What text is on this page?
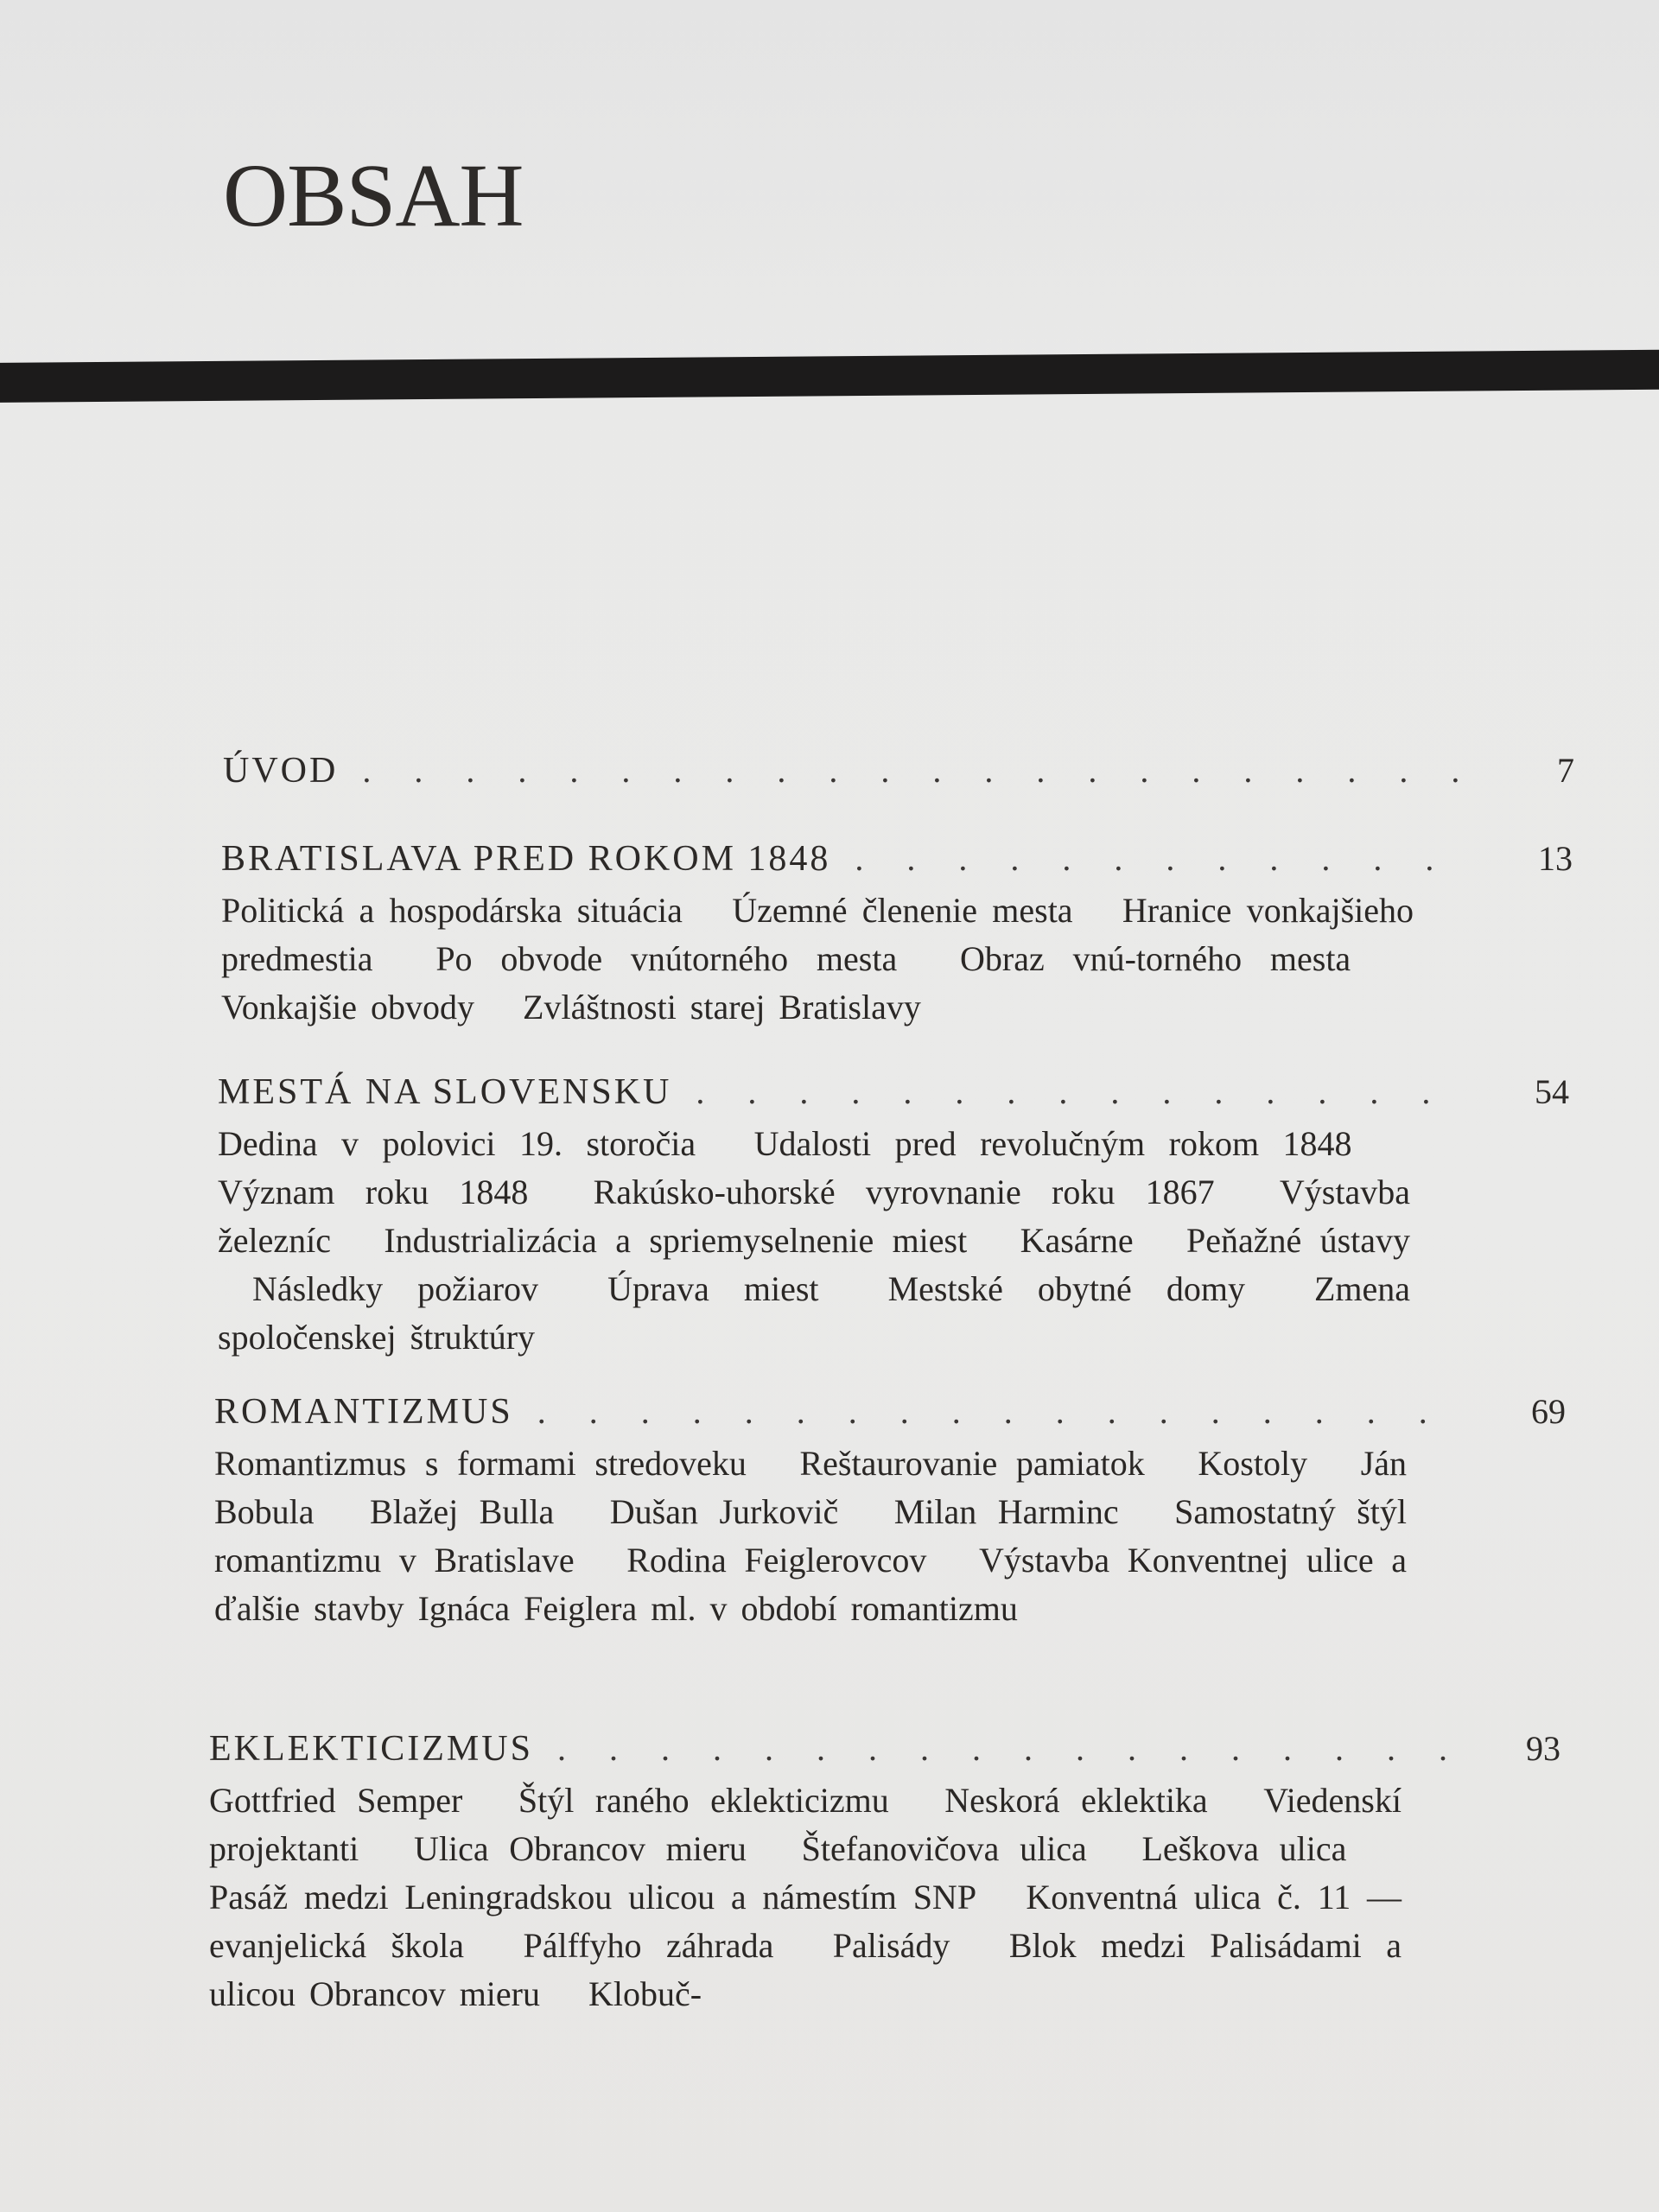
OBSAH
ÚVOD . . .	7
BRATISLAVA PRED ROKOM 1848 . . .	13

Politická a hospodárska situácia Územné členenie mesta Hranice vonkajšieho predmestia Po obvode vnútorného mesta Obraz vnú-torného mesta Vonkajšie obvody Zvláštnosti starej Bratislavy

MESTÁ NA SLOVENSKU . . .	54

Dedina v polovici 19. storočia Udalosti pred revolučným rokom 1848 Význam roku 1848 Rakúsko-uhorské vyrovnanie roku 1867 Výstavba železníc Industrializácia a spriemyselnenie miest Kasárne Peňažné ústavy Následky požiarov Úprava miest Mestské obytné domy Zmena spoločenskej štruktúry

ROMANTIZMUS . . .	69

Romantizmus s formami stredoveku Reštaurovanie pamiatok Kostoly Ján Bobula Blažej Bulla Dušan Jurkovič Milan Harminc Samostatný štýl romantizmu v Bratislave Rodina Feiglerovcov Výstavba Konventnej ulice a ďalšie stavby Ignáca Feiglera ml. v období romantizmu

EKLEKTICIZMUS . . .	93

Gottfried Semper Štýl raného eklekticizmu Neskorá eklektika Viedenskí projektanti Ulica Obrancov mieru Štefanovičova ulica Leškova ulica Pasáž medzi Leningradskou ulicou a námestím SNP Konventná ulica č. 11 — evanjelická škola Pálffyho záhrada Palisády Blok medzi Palisádami a ulicou Obrancov mieru Klobuč-
